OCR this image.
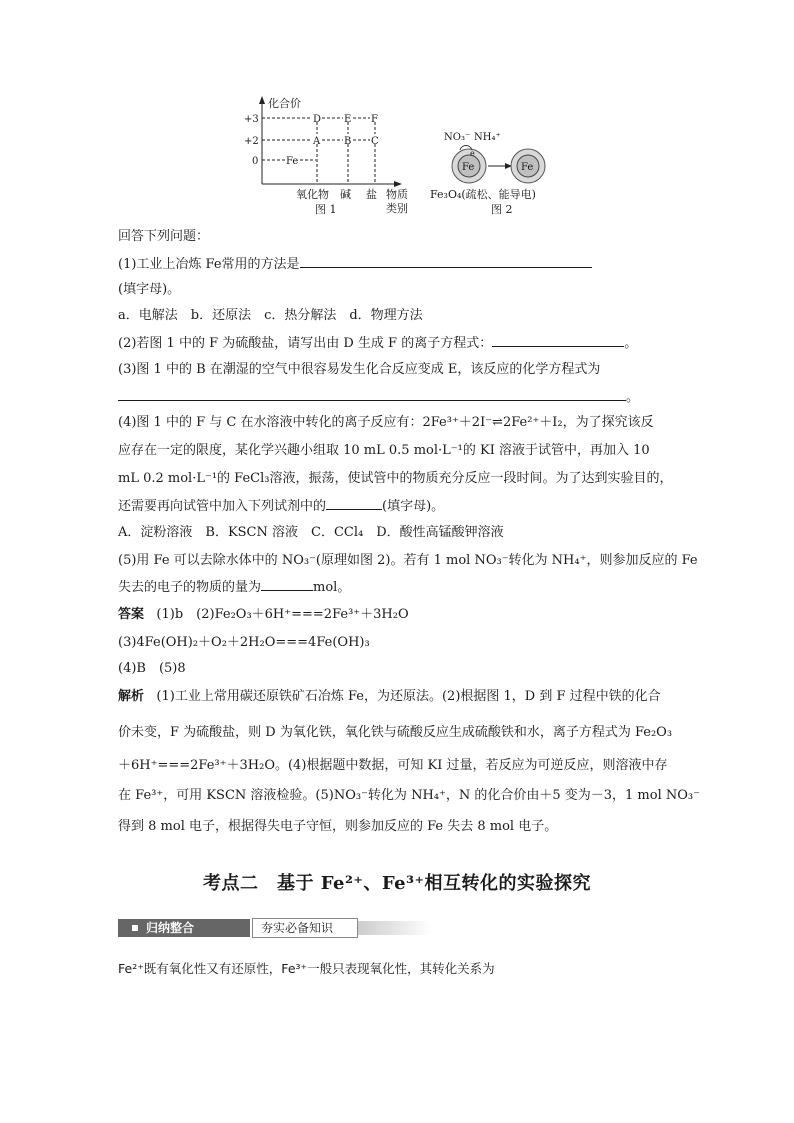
化合价
+3
+2
0
D E F
A B C
Fe
氧化物 碱 盐 物质
类别
图 1
NO₃⁻ NH₄⁺
Fe
e
Fe
Fe₃O₄(疏松、能导电)
图 2
回答下列问题：
(1)工业上冶炼 Fe常用的方法是
(填字母)。
a．电解法　b．还原法　c．热分解法　d．物理方法
(2)若图 1 中的 F 为硫酸盐，请写出由 D 生成 F 的离子方程式：	。
(3)图 1 中的 B 在潮湿的空气中很容易发生化合反应变成 E，该反应的化学方程式为
。
(4)图 1 中的 F 与 C 在水溶液中转化的离子反应有：2Fe³⁺＋2I⁻⇌2Fe²⁺＋I₂，为了探究该反
应存在一定的限度，某化学兴趣小组取 10 mL 0.5 mol·L⁻¹的 KI 溶液于试管中，再加入 10
mL 0.2 mol·L⁻¹的 FeCl₃溶液，振荡，使试管中的物质充分反应一段时间。为了达到实验目的，
还需要再向试管中加入下列试剂中的	(填字母)。
A．淀粉溶液　B．KSCN 溶液　C．CCl₄　D．酸性高锰酸钾溶液
(5)用 Fe 可以去除水体中的 NO₃⁻(原理如图 2)。若有 1 mol NO₃⁻转化为 NH₄⁺，则参加反应的 Fe
失去的电子的物质的量为	mol。
答案 (1)b　(2)Fe₂O₃＋6H⁺===2Fe³⁺＋3H₂O
(3)4Fe(OH)₂＋O₂＋2H₂O===4Fe(OH)₃
(4)B　(5)8
解析 (1)工业上常用碳还原铁矿石冶炼 Fe，为还原法。(2)根据图 1，D 到 F 过程中铁的化合
价未变，F 为硫酸盐，则 D 为氧化铁，氧化铁与硫酸反应生成硫酸铁和水，离子方程式为 Fe₂O₃
＋6H⁺===2Fe³⁺＋3H₂O。(4)根据题中数据，可知 KI 过量，若反应为可逆反应，则溶液中存
在 Fe³⁺，可用 KSCN 溶液检验。(5)NO₃⁻转化为 NH₄⁺，N 的化合价由＋5 变为－3，1 mol NO₃⁻
得到 8 mol 电子，根据得失电子守恒，则参加反应的 Fe 失去 8 mol 电子。
考点二　基于 Fe²⁺、Fe³⁺相互转化的实验探究
归纳整合	夯实必备知识
Fe²⁺既有氧化性又有还原性，Fe³⁺一般只表现氧化性，其转化关系为
